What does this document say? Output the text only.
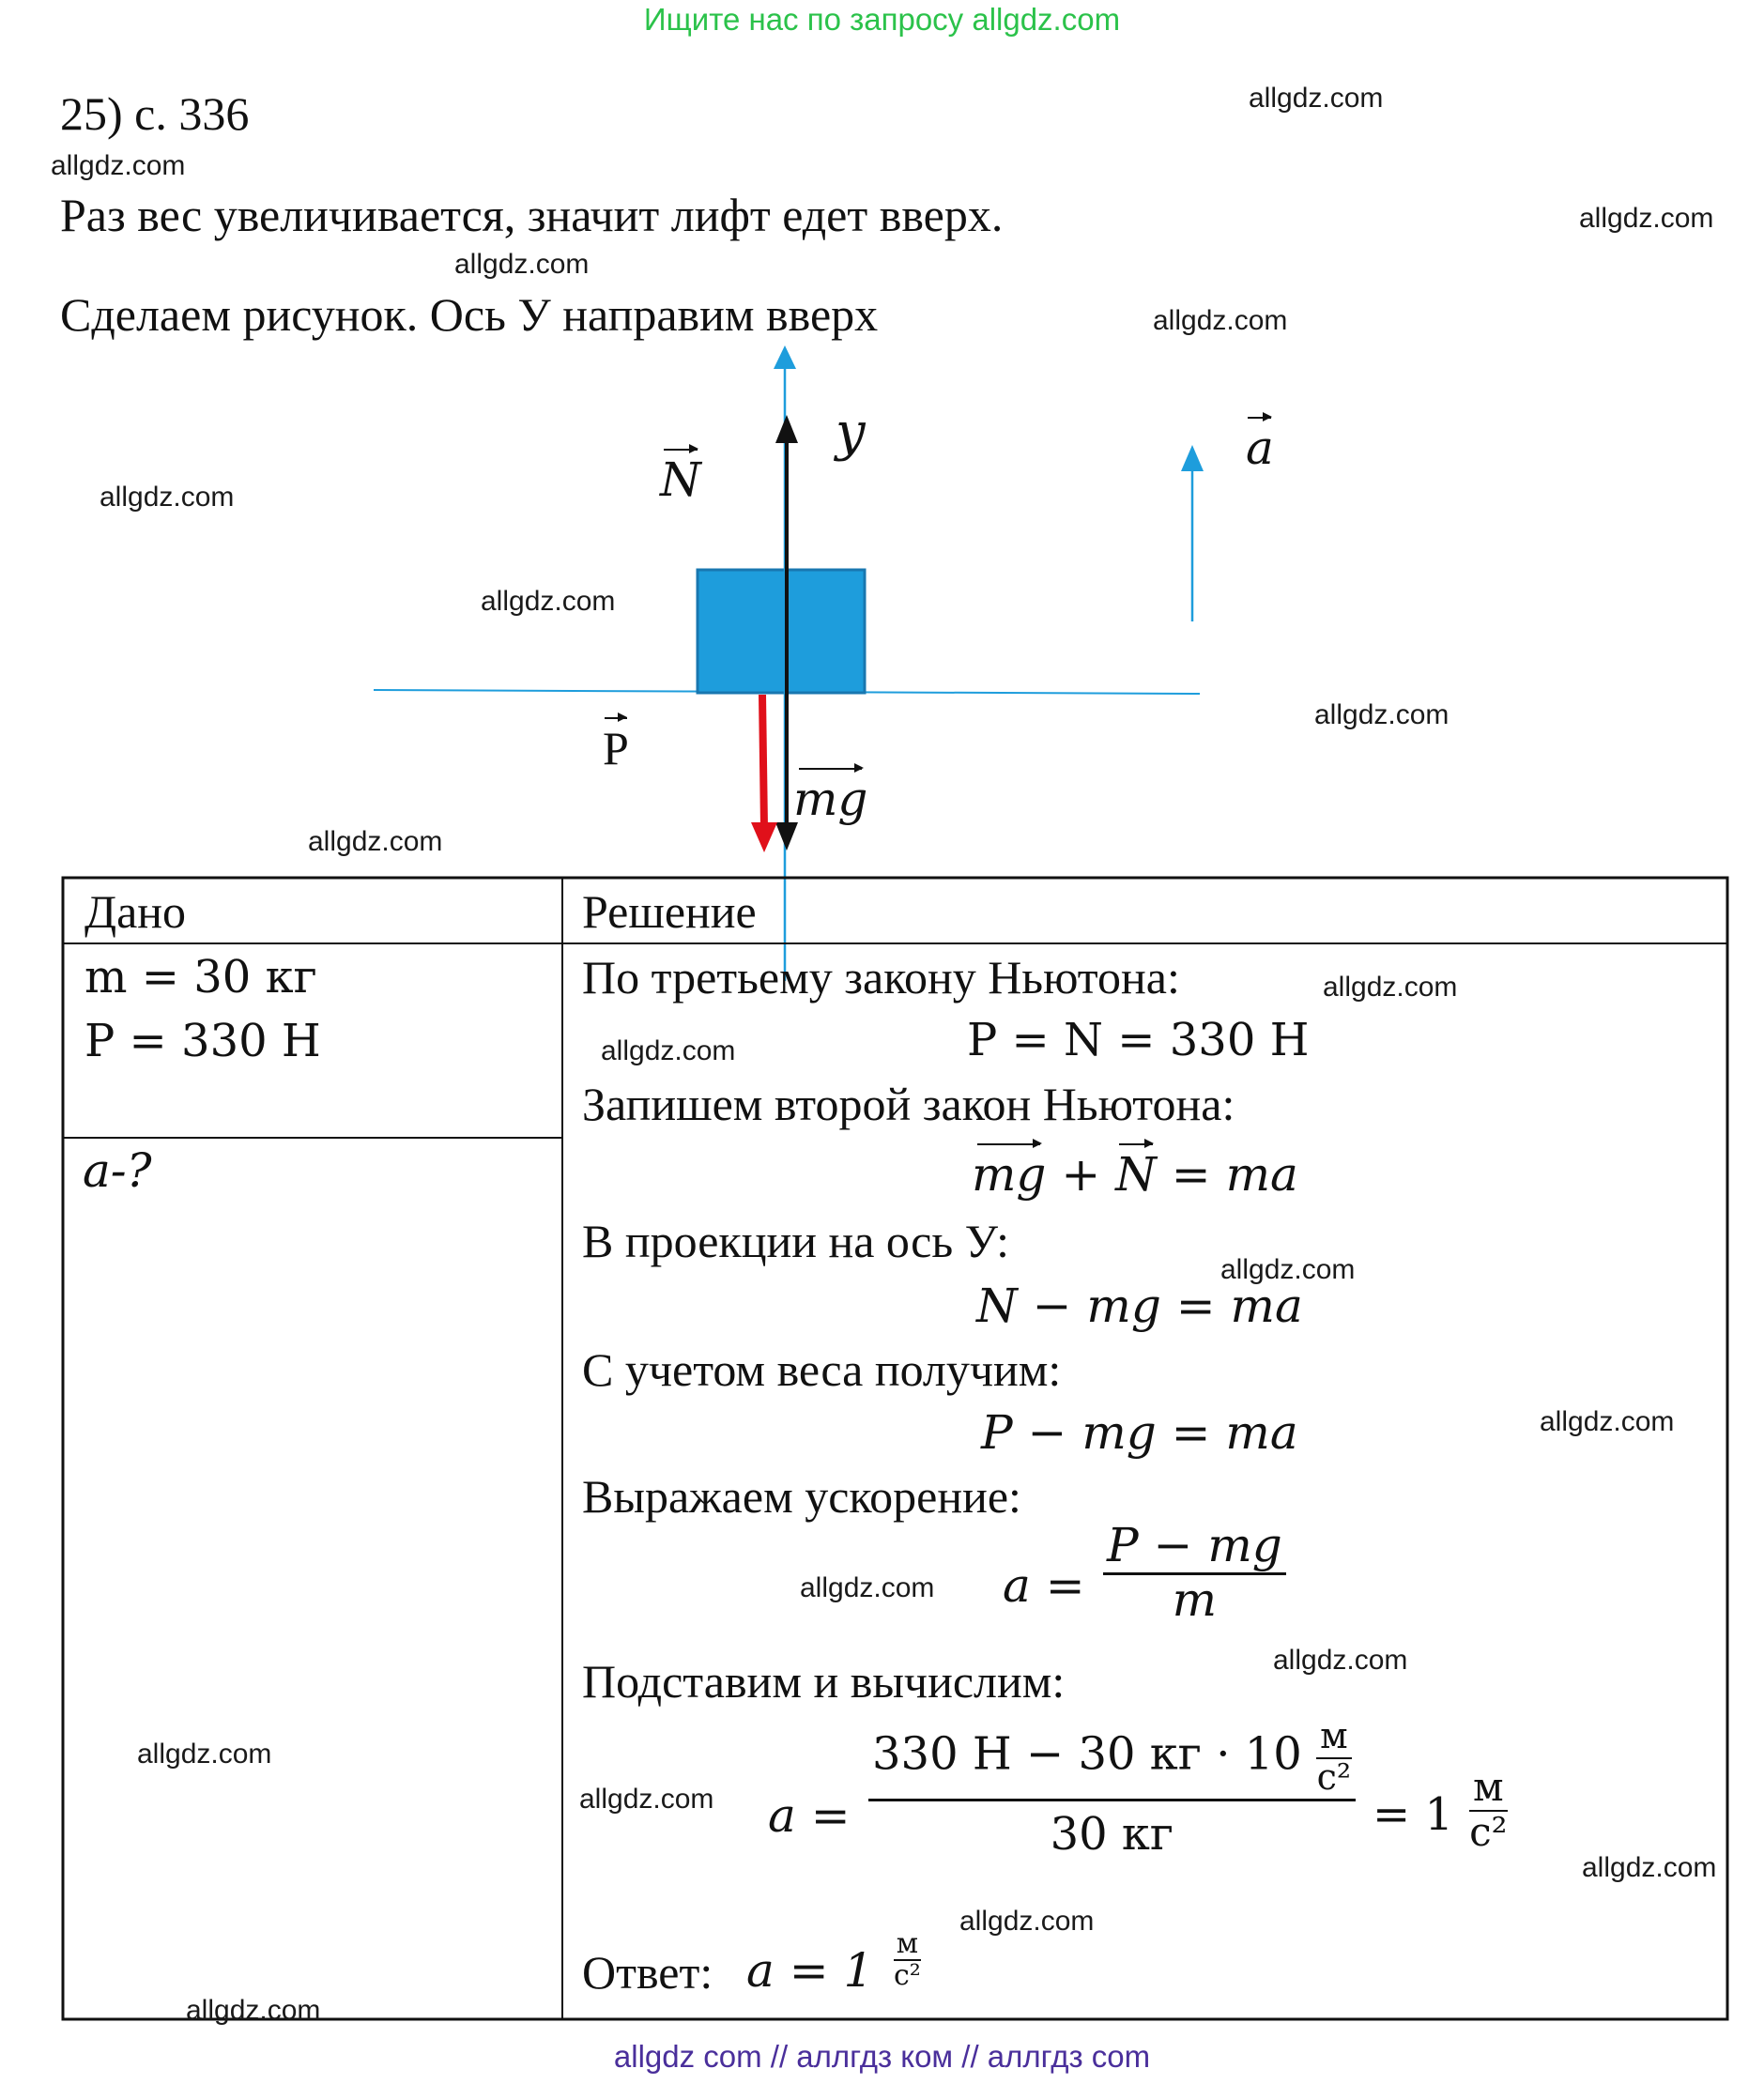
Ищите нас по запросу allgdz.com
25) с. 336
Раз вес увеличивается, значит лифт едет вверх.
Сделаем рисунок. Ось У направим вверх
y
N
a
P
mg
Дано
m = 30 кг
P = 330 Н
a-?
Решение
По третьему закону Ньютона:
P = N = 330 Н
Запишем второй закон Ньютона:
mg + N = ma
В проекции на ось У:
N − mg = ma
С учетом веса получим:
P − mg = ma
Выражаем ускорение:
$a = \frac{P - mg}{m}$
Подставим и вычислим:
$a = \frac{330 Н - 30 кг \cdot 10 \frac{м}{\text{с²}}}{30 кг} = 1 \frac{м}{\text{с²}}$
Ответ: $a = 1 \frac{м}{\text{с²}}$
allgdz.com
allgdz.com
allgdz.com
allgdz.com
allgdz.com
allgdz.com
allgdz.com
allgdz.com
allgdz.com
allgdz.com
allgdz.com
allgdz.com
allgdz.com
allgdz.com
allgdz.com
allgdz.com
allgdz.com
allgdz.com
allgdz.com
allgdz.com
allgdz com // аллгдз ком // аллгдз com
